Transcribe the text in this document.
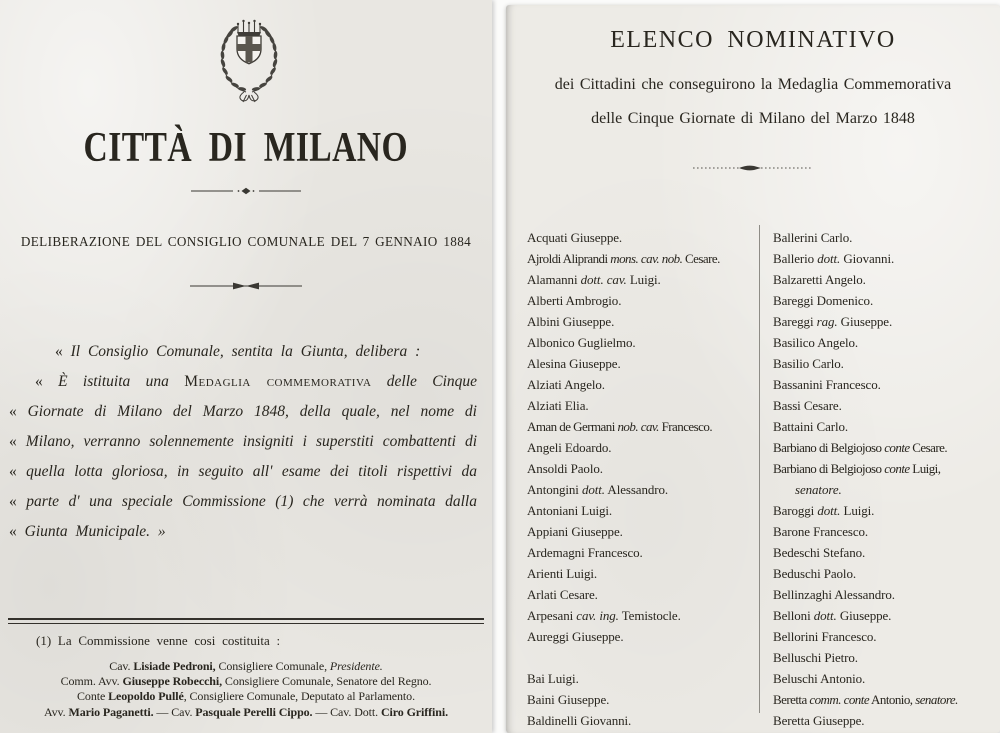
CITTÀ DI MILANO
DELIBERAZIONE DEL CONSIGLIO COMUNALE DEL 7 GENNAIO 1884
« Il Consiglio Comunale, sentita la Giunta, delibera :
« È istituita una Medaglia commemorativa delle Cinque
« Giornate di Milano del Marzo 1848, della quale, nel nome di
« Milano, verranno solennemente insigniti i superstiti combattenti di
« quella lotta gloriosa, in seguito all' esame dei titoli rispettivi da
« parte d' una speciale Commissione (1) che verrà nominata dalla
« Giunta Municipale. »
(1) La Commissione venne cosi costituita :
Cav. Lisiade Pedroni, Consigliere Comunale, Presidente.
Comm. Avv. Giuseppe Robecchi, Consigliere Comunale, Senatore del Regno.
Conte Leopoldo Pullé, Consigliere Comunale, Deputato al Parlamento.
Avv. Mario Paganetti. — Cav. Pasquale Perelli Cippo. — Cav. Dott. Ciro Griffini.
ELENCO NOMINATIVO
dei Cittadini che conseguirono la Medaglia Commemorativa
delle Cinque Giornate di Milano del Marzo 1848
Acquati Giuseppe.
Ajroldi Aliprandi mons. cav. nob. Cesare.
Alamanni dott. cav. Luigi.
Alberti Ambrogio.
Albini Giuseppe.
Albonico Guglielmo.
Alesina Giuseppe.
Alziati Angelo.
Alziati Elia.
Aman de Germani nob. cav. Francesco.
Angeli Edoardo.
Ansoldi Paolo.
Antongini dott. Alessandro.
Antoniani Luigi.
Appiani Giuseppe.
Ardemagni Francesco.
Arienti Luigi.
Arlati Cesare.
Arpesani cav. ing. Temistocle.
Aureggi Giuseppe.
Bai Luigi.
Baini Giuseppe.
Baldinelli Giovanni.
Ballerini Carlo.
Ballerio dott. Giovanni.
Balzaretti Angelo.
Bareggi Domenico.
Bareggi rag. Giuseppe.
Basilico Angelo.
Basilio Carlo.
Bassanini Francesco.
Bassi Cesare.
Battaini Carlo.
Barbiano di Belgiojoso conte Cesare.
Barbiano di Belgiojoso conte Luigi,
senatore.
Baroggi dott. Luigi.
Barone Francesco.
Bedeschi Stefano.
Beduschi Paolo.
Bellinzaghi Alessandro.
Belloni dott. Giuseppe.
Bellorini Francesco.
Belluschi Pietro.
Beluschi Antonio.
Beretta comm. conte Antonio, senatore.
Beretta Giuseppe.
